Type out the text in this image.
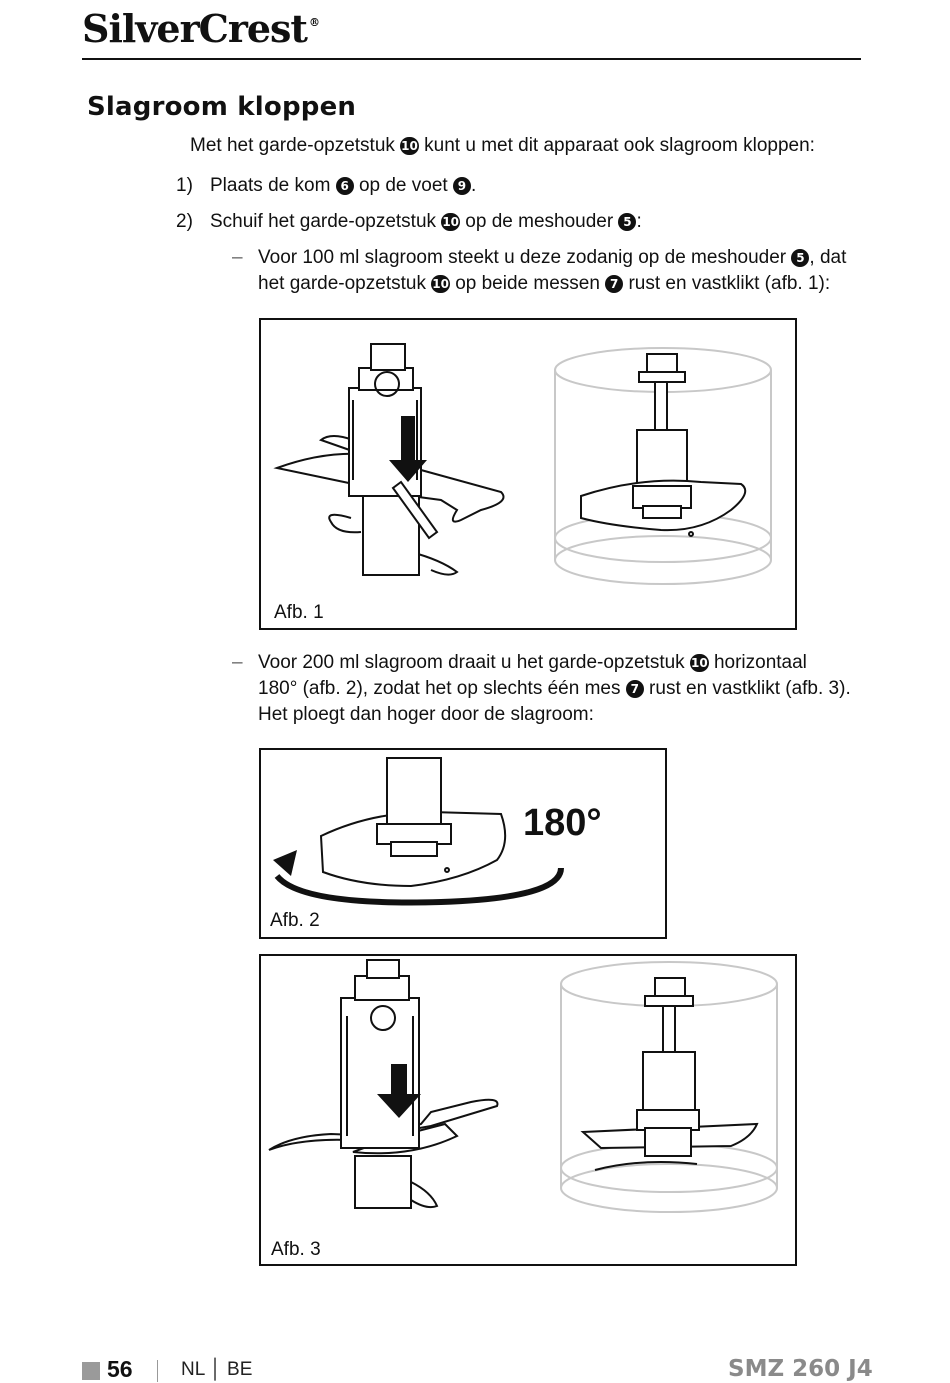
SilverCrest ®
Slagroom kloppen
Met het garde-opzetstuk 10 kunt u met dit apparaat ook slagroom kloppen:
1) Plaats de kom 6 op de voet 9 .
2) Schuif het garde-opzetstuk 10 op de meshouder 5 :
– Voor 100 ml slagroom steekt u deze zodanig op de meshouder 5 , dat
het garde-opzetstuk 10 op beide messen 7 rust en vastklikt (afb. 1):
Afb. 1
– Voor 200 ml slagroom draait u het garde-opzetstuk 10 horizontaal
180° (afb. 2), zodat het op slechts één mes 7 rust en vastklikt (afb. 3).
Het ploegt dan hoger door de slagroom:
180°
Afb. 2
Afb. 3
56	NL │ BE	SMZ 260 J4
